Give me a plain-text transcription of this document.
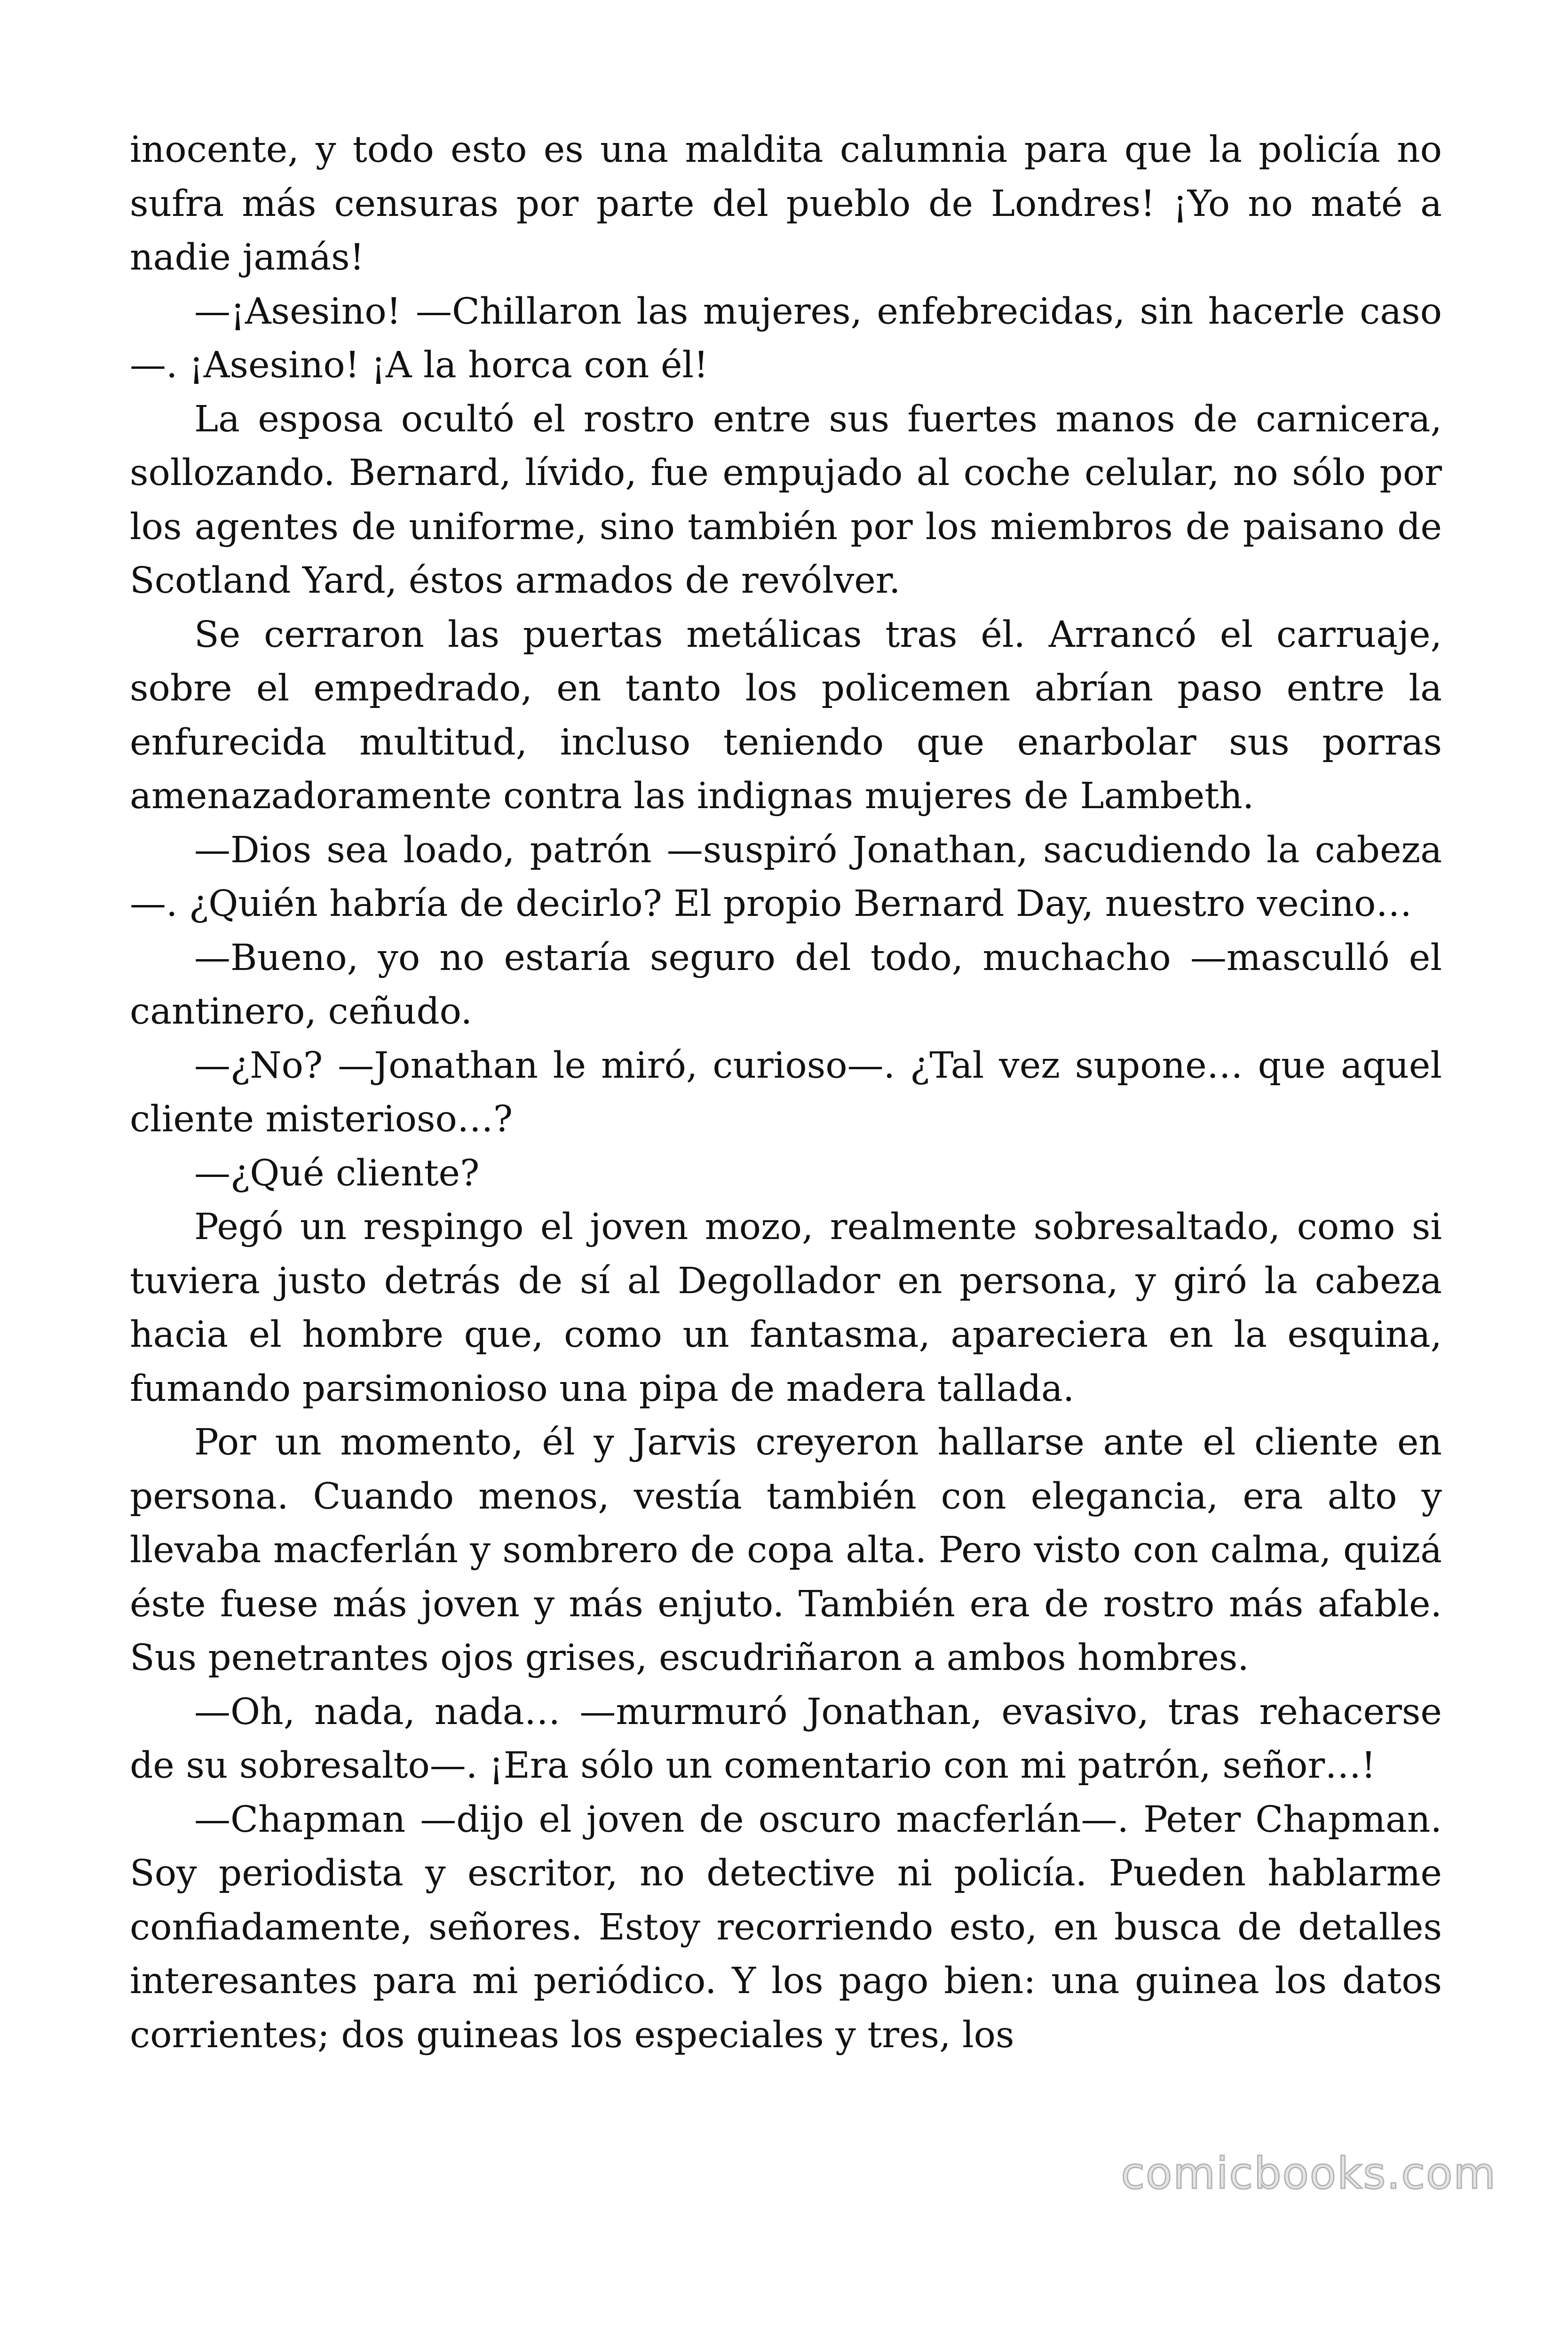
inocente, y todo esto es una maldita calumnia para que la policía no sufra más censuras por parte del pueblo de Londres! ¡Yo no maté a nadie jamás!

—¡Asesino! —Chillaron las mujeres, enfebrecidas, sin hacerle caso—. ¡Asesino! ¡A la horca con él!

La esposa ocultó el rostro entre sus fuertes manos de carnicera, sollozando. Bernard, lívido, fue empujado al coche celular, no sólo por los agentes de uniforme, sino también por los miembros de paisano de Scotland Yard, éstos armados de revólver.

Se cerraron las puertas metálicas tras él. Arrancó el carruaje, sobre el empedrado, en tanto los policemen abrían paso entre la enfurecida multitud, incluso teniendo que enarbolar sus porras amenazadoramente contra las indignas mujeres de Lambeth.

—Dios sea loado, patrón —suspiró Jonathan, sacudiendo la cabeza—. ¿Quién habría de decirlo? El propio Bernard Day, nuestro vecino…

—Bueno, yo no estaría seguro del todo, muchacho —masculló el cantinero, ceñudo.

—¿No? —Jonathan le miró, curioso—. ¿Tal vez supone… que aquel cliente misterioso…?

—¿Qué cliente?

Pegó un respingo el joven mozo, realmente sobresaltado, como si tuviera justo detrás de sí al Degollador en persona, y giró la cabeza hacia el hombre que, como un fantasma, apareciera en la esquina, fumando parsimonioso una pipa de madera tallada.

Por un momento, él y Jarvis creyeron hallarse ante el cliente en persona. Cuando menos, vestía también con elegancia, era alto y llevaba macferlán y sombrero de copa alta. Pero visto con calma, quizá éste fuese más joven y más enjuto. También era de rostro más afable. Sus penetrantes ojos grises, escudriñaron a ambos hombres.

—Oh, nada, nada… —murmuró Jonathan, evasivo, tras rehacerse de su sobresalto—. ¡Era sólo un comentario con mi patrón, señor…!

—Chapman —dijo el joven de oscuro macferlán—. Peter Chapman. Soy periodista y escritor, no detective ni policía. Pueden hablarme confiadamente, señores. Estoy recorriendo esto, en busca de detalles interesantes para mi periódico. Y los pago bien: una guinea los datos corrientes; dos guineas los especiales y tres, los

comicbooks.com
